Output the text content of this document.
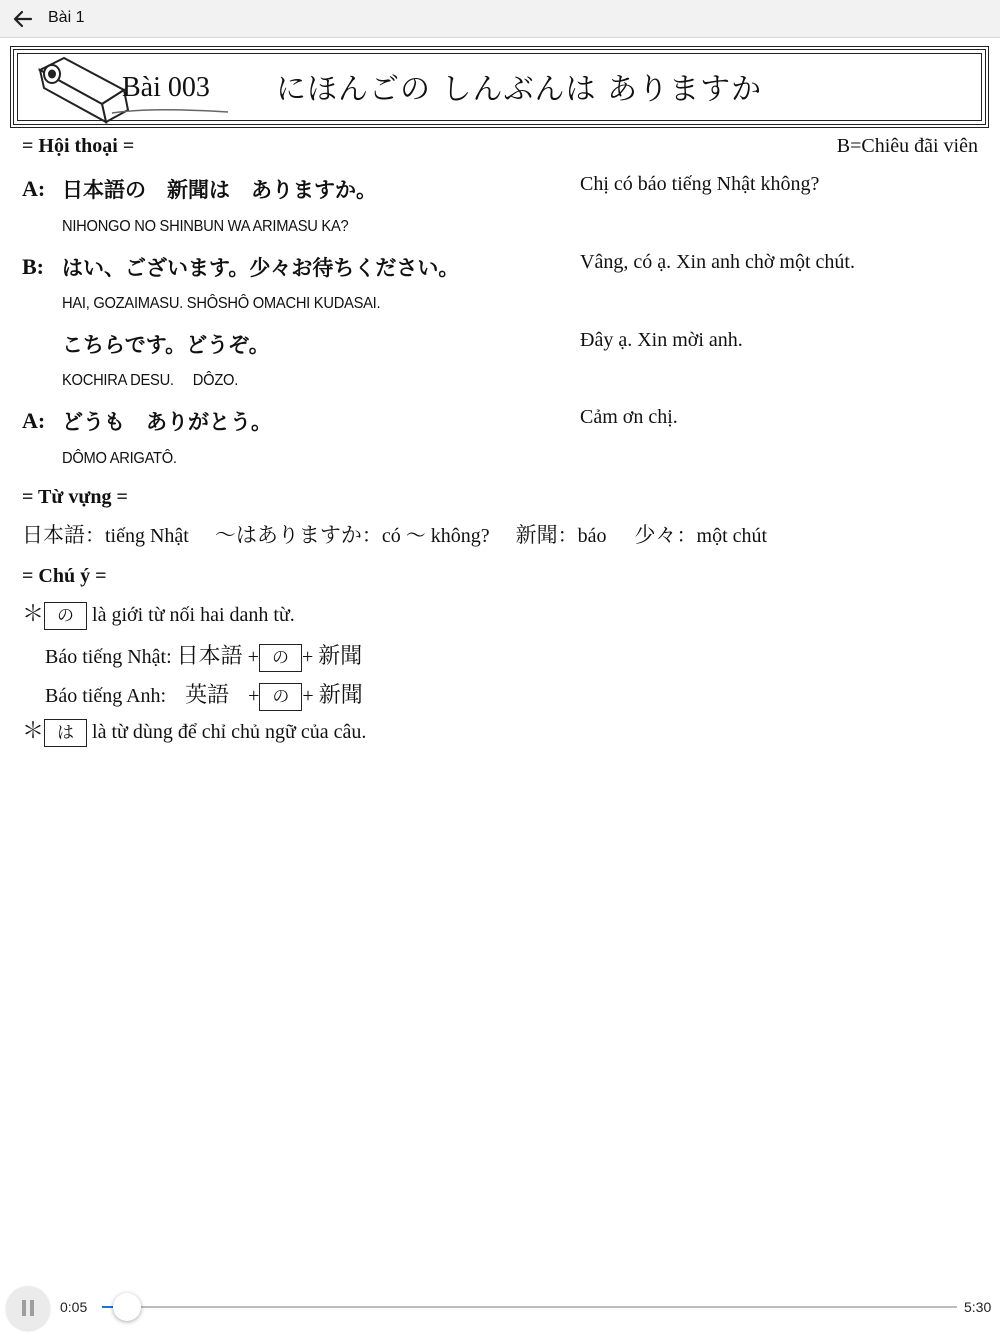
Bài 1
Bài 003 にほんごの しんぶんは ありますか
= Hội thoại =	B=Chiêu đãi viên
A: 日本語の　新聞は　ありますか。	Chị có báo tiếng Nhật không?
NIHONGO NO SHINBUN WA ARIMASU KA?
B: はい、ございます。少々お待ちください。	Vâng, có ạ. Xin anh chờ một chút.
HAI, GOZAIMASU. SHÔSHÔ OMACHI KUDASAI.
こちらです。どうぞ。	Đây ạ. Xin mời anh.
KOCHIRA DESU.     DÔZO.
A: どうも　ありがとう。	Cảm ơn chị.
DÔMO ARIGATÔ.
= Từ vựng =
日本語：tiếng Nhật ～はありますか：có ～ không? 新聞：báo 少々：một chút
= Chú ý =
＊ の là giới từ nối hai danh từ.
Báo tiếng Nhật: 日本語 + の + 新聞
Báo tiếng Anh: 英語 + の + 新聞
＊ は là từ dùng để chỉ chủ ngữ của câu.
0:05	5:30
